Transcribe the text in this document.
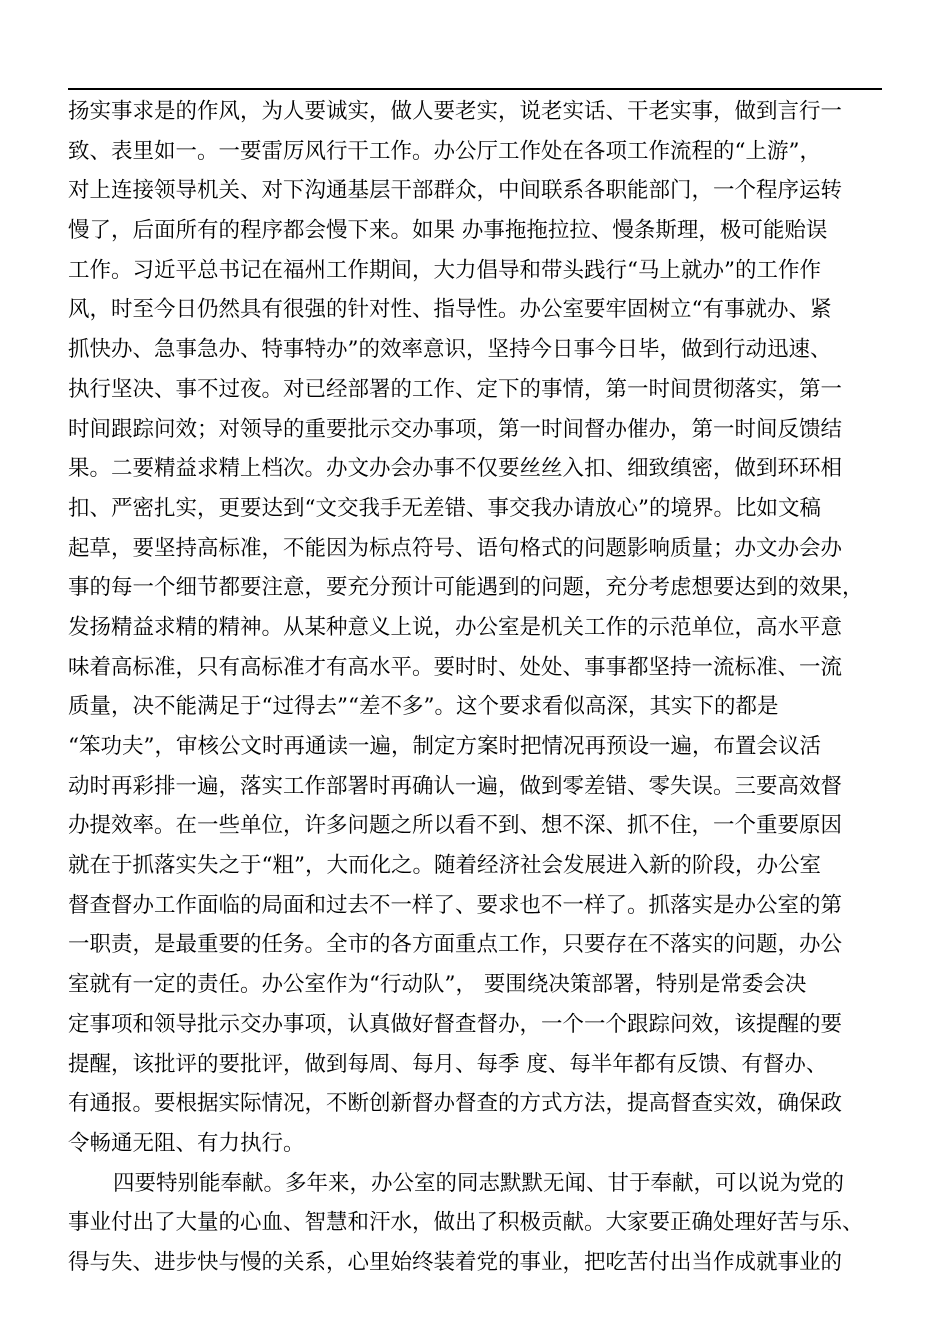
扬实事求是的作风，为人要诚实，做人要老实，说老实话、干老实事，做到言行一
致、表里如一。一要雷厉风行干工作。办公厅工作处在各项工作流程的“上游”，
对上连接领导机关、对下沟通基层干部群众，中间联系各职能部门，一个程序运转
慢了，后面所有的程序都会慢下来。如果 办事拖拖拉拉、慢条斯理，极可能贻误
工作。习近平总书记在福州工作期间，大力倡导和带头践行“马上就办”的工作作
风，时至今日仍然具有很强的针对性、指导性。办公室要牢固树立“有事就办、紧
抓快办、急事急办、特事特办”的效率意识，坚持今日事今日毕，做到行动迅速、
执行坚决、事不过夜。对已经部署的工作、定下的事情，第一时间贯彻落实，第一
时间跟踪问效；对领导的重要批示交办事项，第一时间督办催办，第一时间反馈结
果。二要精益求精上档次。办文办会办事不仅要丝丝入扣、细致缜密，做到环环相
扣、严密扎实，更要达到“文交我手无差错、事交我办请放心”的境界。比如文稿
起草，要坚持高标准，不能因为标点符号、语句格式的问题影响质量；办文办会办
事的每一个细节都要注意，要充分预计可能遇到的问题，充分考虑想要达到的效果，
发扬精益求精的精神。从某种意义上说，办公室是机关工作的示范单位，高水平意
味着高标准，只有高标准才有高水平。要时时、处处、事事都坚持一流标准、一流
质量，决不能满足于“过得去”“差不多”。这个要求看似高深，其实下的都是
“笨功夫”，审核公文时再通读一遍，制定方案时把情况再预设一遍，布置会议活
动时再彩排一遍，落实工作部署时再确认一遍，做到零差错、零失误。三要高效督
办提效率。在一些单位，许多问题之所以看不到、想不深、抓不住，一个重要原因
就在于抓落实失之于“粗”，大而化之。随着经济社会发展进入新的阶段，办公室
督查督办工作面临的局面和过去不一样了、要求也不一样了。抓落实是办公室的第
一职责，是最重要的任务。全市的各方面重点工作，只要存在不落实的问题，办公
室就有一定的责任。办公室作为“行动队”， 要围绕决策部署，特别是常委会决
定事项和领导批示交办事项，认真做好督查督办，一个一个跟踪问效，该提醒的要
提醒，该批评的要批评，做到每周、每月、每季 度、每半年都有反馈、有督办、
有通报。要根据实际情况，不断创新督办督查的方式方法，提高督查实效，确保政
令畅通无阻、有力执行。
四要特别能奉献。多年来，办公室的同志默默无闻、甘于奉献，可以说为党的
事业付出了大量的心血、智慧和汗水，做出了积极贡献。大家要正确处理好苦与乐、
得与失、进步快与慢的关系，心里始终装着党的事业，把吃苦付出当作成就事业的
